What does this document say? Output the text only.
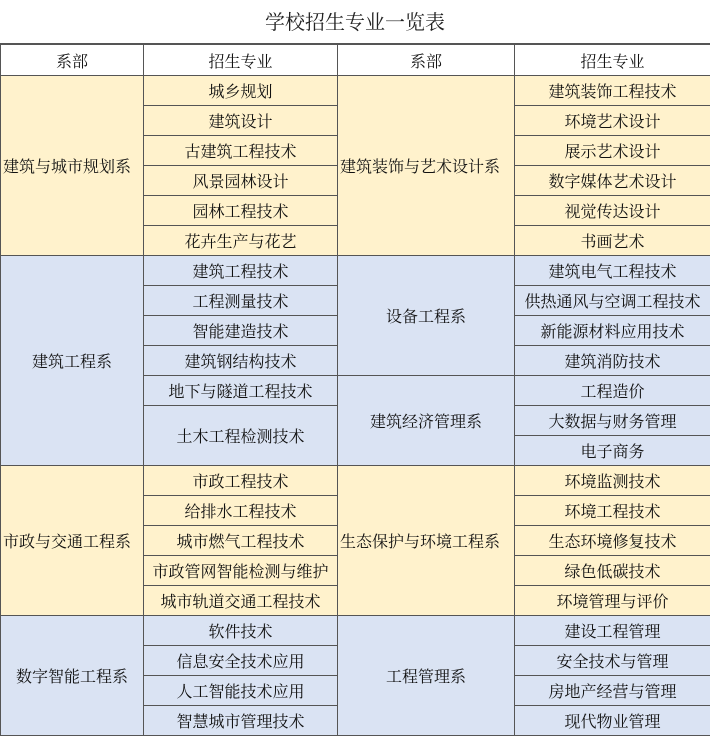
学校招生专业一览表
系部	招生专业	系部	招生专业
建筑与城市规划系	城乡规划	建筑装饰与艺术设计系	建筑装饰工程技术
	建筑设计		环境艺术设计
	古建筑工程技术		展示艺术设计
	风景园林设计		数字媒体艺术设计
	园林工程技术		视觉传达设计
	花卉生产与花艺		书画艺术
建筑工程系	建筑工程技术	设备工程系	建筑电气工程技术
	工程测量技术		供热通风与空调工程技术
	智能建造技术		新能源材料应用技术
	建筑钢结构技术		建筑消防技术
	地下与隧道工程技术	建筑经济管理系	工程造价
	土木工程检测技术		大数据与财务管理
			电子商务
市政与交通工程系	市政工程技术	生态保护与环境工程系	环境监测技术
	给排水工程技术		环境工程技术
	城市燃气工程技术		生态环境修复技术
	市政管网智能检测与维护		绿色低碳技术
	城市轨道交通工程技术		环境管理与评价
数字智能工程系	软件技术	工程管理系	建设工程管理
	信息安全技术应用		安全技术与管理
	人工智能技术应用		房地产经营与管理
	智慧城市管理技术		现代物业管理
